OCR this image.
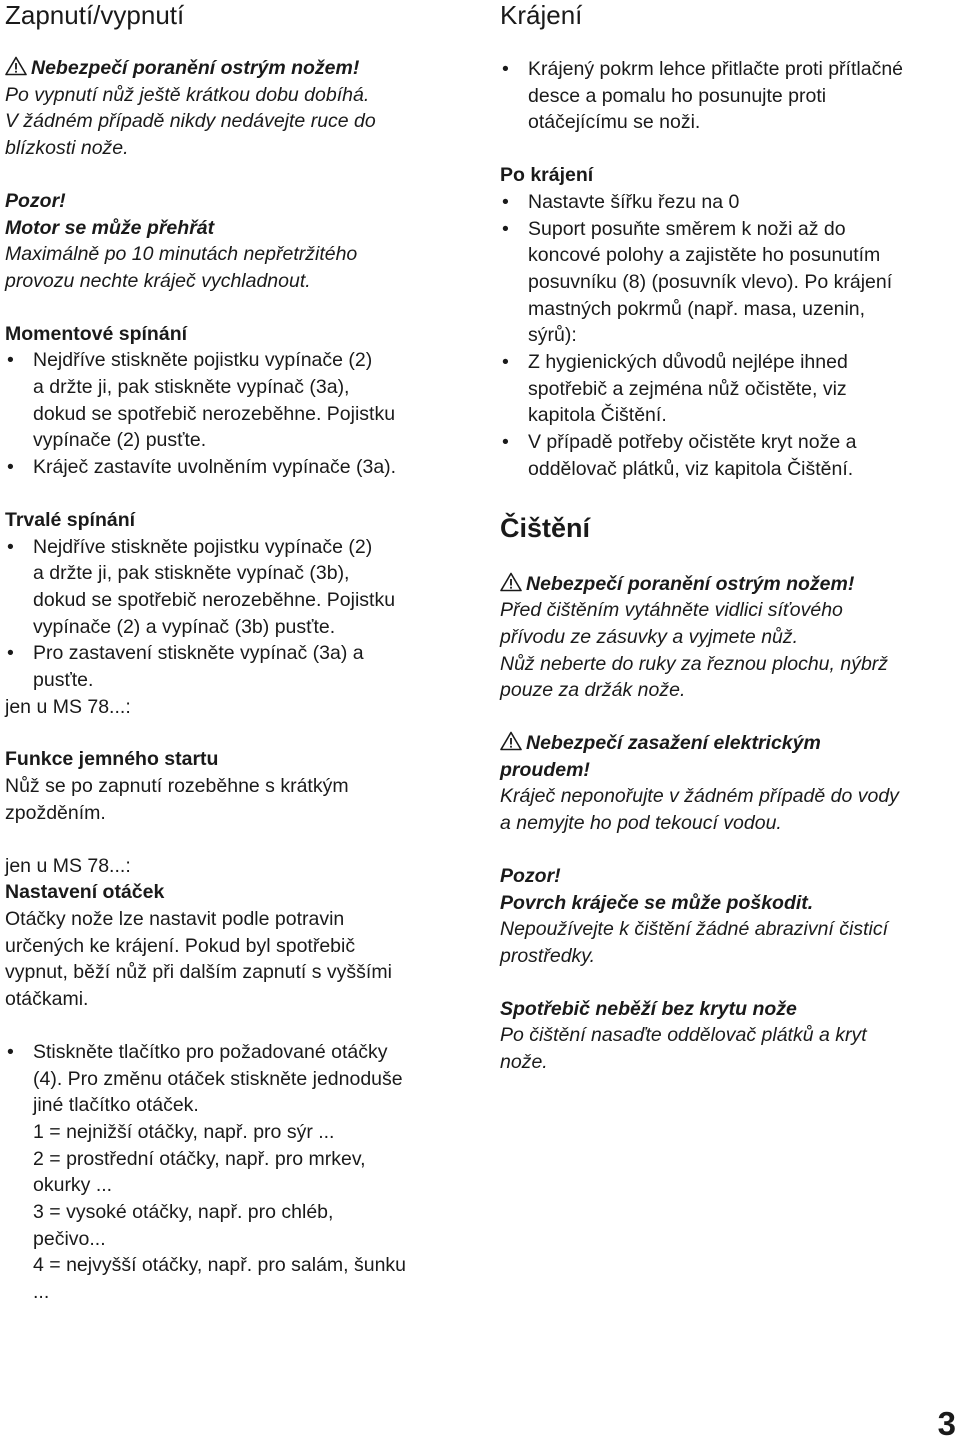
Zapnutí/vypnutí
Nebezpečí poranění ostrým nožem!
Po vypnutí nůž ještě krátkou dobu dobíhá.
V žádném případě nikdy nedávejte ruce do
blízkosti nože.
Pozor!
Motor se může přehřát
Maximálně po 10 minutách nepřetržitého
provozu nechte kráječ vychladnout.
Momentové spínání
• Nejdříve stiskněte pojistku vypínače (2)
a držte ji, pak stiskněte vypínač (3a),
dokud se spotřebič nerozeběhne. Pojistku
vypínače (2) pusťte.
• Kráječ zastavíte uvolněním vypínače (3a).
Trvalé spínání
• Nejdříve stiskněte pojistku vypínače (2)
a držte ji, pak stiskněte vypínač (3b),
dokud se spotřebič nerozeběhne. Pojistku
vypínače (2) a vypínač (3b) pusťte.
• Pro zastavení stiskněte vypínač (3a) a
pusťte.
jen u MS 78...:
Funkce jemného startu
Nůž se po zapnutí rozeběhne s krátkým
zpožděním.
jen u MS 78...:
Nastavení otáček
Otáčky nože lze nastavit podle potravin
určených ke krájení. Pokud byl spotřebič
vypnut, běží nůž při dalším zapnutí s vyššími
otáčkami.
• Stiskněte tlačítko pro požadované otáčky
(4). Pro změnu otáček stiskněte jednoduše
jiné tlačítko otáček.
1 = nejnižší otáčky, např. pro sýr ...
2 = prostřední otáčky, např. pro mrkev,
okurky ...
3 = vysoké otáčky, např. pro chléb,
pečivo...
4 = nejvyšší otáčky, např. pro salám, šunku
...
Krájení
• Krájený pokrm lehce přitlačte proti přítlačné
desce a pomalu ho posunujte proti
otáčejícímu se noži.
Po krájení
• Nastavte šířku řezu na 0
• Suport posuňte směrem k noži až do
koncové polohy a zajistěte ho posunutím
posuvníku (8) (posuvník vlevo). Po krájení
mastných pokrmů (např. masa, uzenin,
sýrů):
• Z hygienických důvodů nejlépe ihned
spotřebič a zejména nůž očistěte, viz
kapitola Čištění.
• V případě potřeby očistěte kryt nože a
oddělovač plátků, viz kapitola Čištění.
Čištění
Nebezpečí poranění ostrým nožem!
Před čištěním vytáhněte vidlici síťového
přívodu ze zásuvky a vyjmete nůž.
Nůž neberte do ruky za řeznou plochu, nýbrž
pouze za držák nože.
Nebezpečí zasažení elektrickým
proudem!
Kráječ neponořujte v žádném případě do vody
a nemyjte ho pod tekoucí vodou.
Pozor!
Povrch kráječe se může poškodit.
Nepoužívejte k čištění žádné abrazivní čisticí
prostředky.
Spotřebič neběží bez krytu nože
Po čištění nasaďte oddělovač plátků a kryt
nože.
3
